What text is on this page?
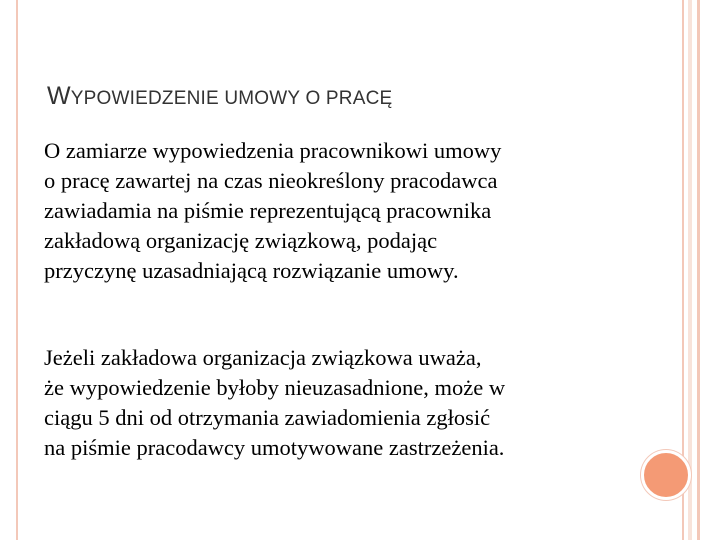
WYPOWIEDZENIE UMOWY O PRACĘ

O zamiarze wypowiedzenia pracownikowi umowy
o pracę zawartej na czas nieokreślony pracodawca
zawiadamia na piśmie reprezentującą pracownika
zakładową organizację związkową, podając
przyczynę uzasadniającą rozwiązanie umowy.

Jeżeli zakładowa organizacja związkowa uważa,
że wypowiedzenie byłoby nieuzasadnione, może w
ciągu 5 dni od otrzymania zawiadomienia zgłosić
na piśmie pracodawcy umotywowane zastrzeżenia.
